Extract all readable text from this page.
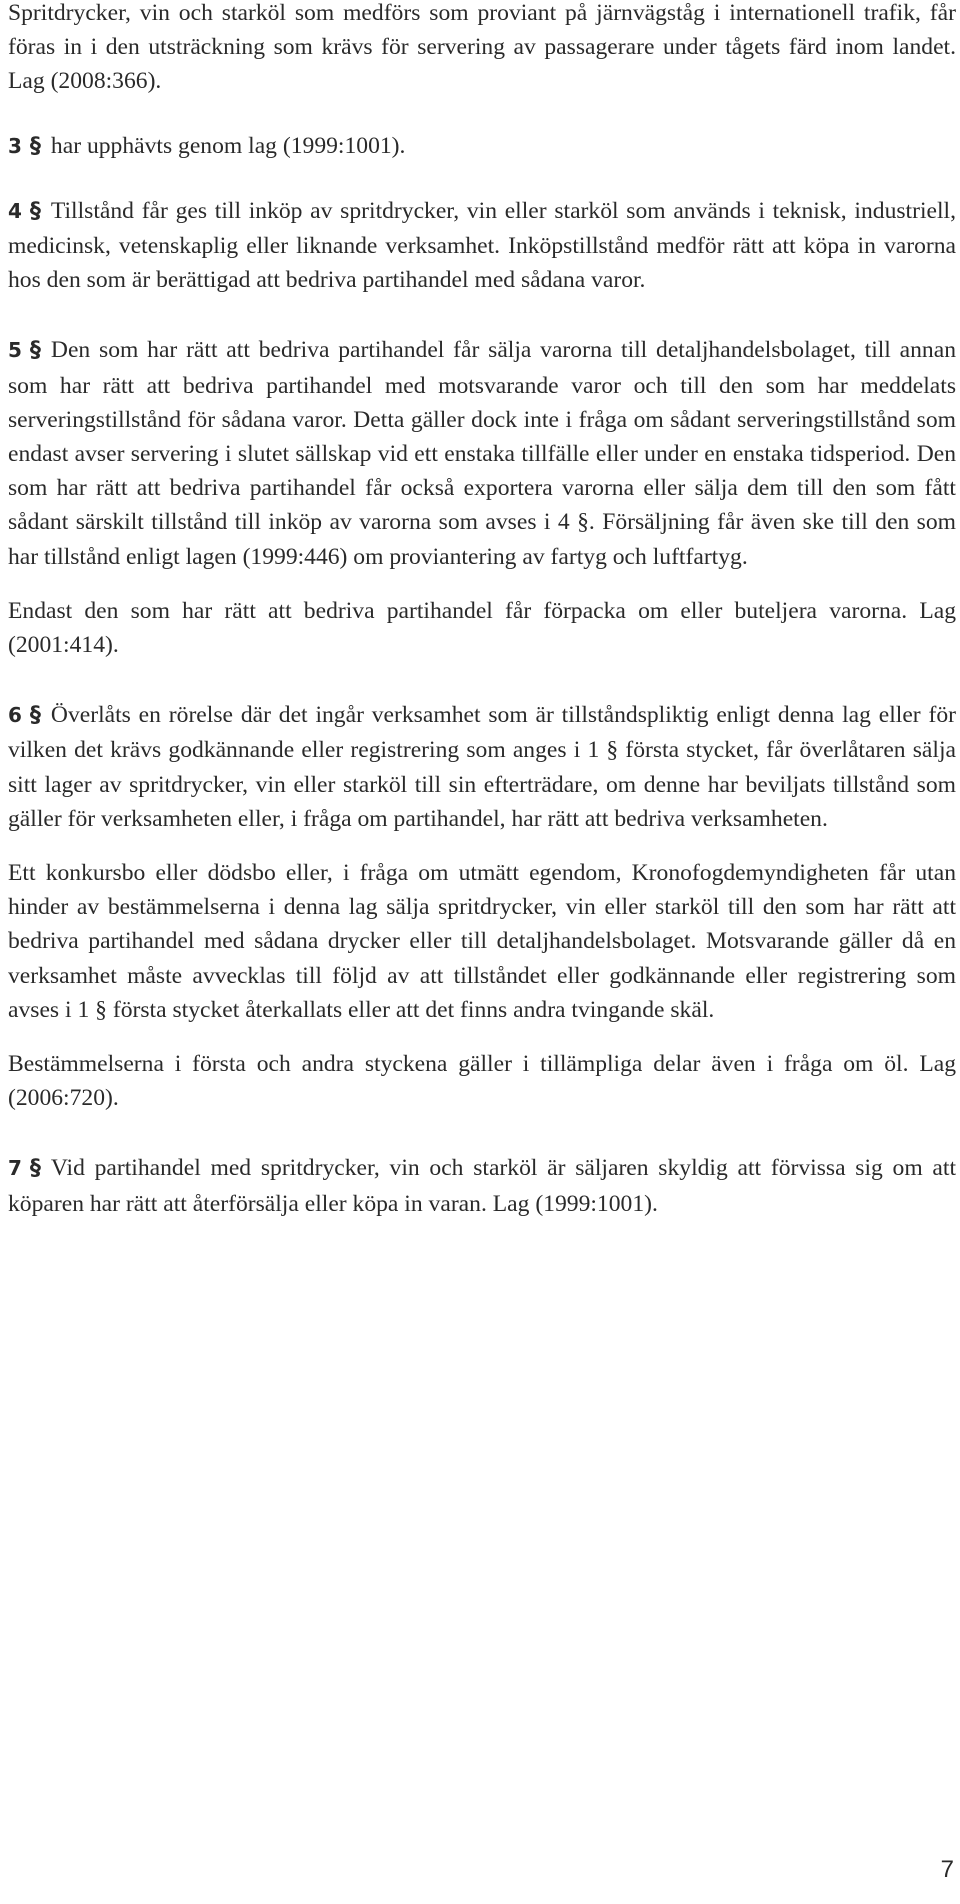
Spritdrycker, vin och starköl som medförs som proviant på järnvägståg i internationell trafik, får föras in i den utsträckning som krävs för servering av passagerare under tågets färd inom landet. Lag (2008:366).

3 § har upphävts genom lag (1999:1001).

4 § Tillstånd får ges till inköp av spritdrycker, vin eller starköl som används i teknisk, industriell, medicinsk, vetenskaplig eller liknande verksamhet. Inköpstillstånd medför rätt att köpa in varorna hos den som är berättigad att bedriva partihandel med sådana varor.

5 § Den som har rätt att bedriva partihandel får sälja varorna till detaljhandelsbolaget, till annan som har rätt att bedriva partihandel med motsvarande varor och till den som har meddelats serveringstillstånd för sådana varor. Detta gäller dock inte i fråga om sådant serveringstillstånd som endast avser servering i slutet sällskap vid ett enstaka tillfälle eller under en enstaka tidsperiod. Den som har rätt att bedriva partihandel får också exportera varorna eller sälja dem till den som fått sådant särskilt tillstånd till inköp av varorna som avses i 4 §. Försäljning får även ske till den som har tillstånd enligt lagen (1999:446) om proviantering av fartyg och luftfartyg.

Endast den som har rätt att bedriva partihandel får förpacka om eller buteljera varorna. Lag (2001:414).

6 § Överlåts en rörelse där det ingår verksamhet som är tillståndspliktig enligt denna lag eller för vilken det krävs godkännande eller registrering som anges i 1 § första stycket, får överlåtaren sälja sitt lager av spritdrycker, vin eller starköl till sin efterträdare, om denne har beviljats tillstånd som gäller för verksamheten eller, i fråga om partihandel, har rätt att bedriva verksamheten.

Ett konkursbo eller dödsbo eller, i fråga om utmätt egendom, Kronofogdemyndigheten får utan hinder av bestämmelserna i denna lag sälja spritdrycker, vin eller starköl till den som har rätt att bedriva partihandel med sådana drycker eller till detaljhandelsbolaget. Motsvarande gäller då en verksamhet måste avvecklas till följd av att tillståndet eller godkännande eller registrering som avses i 1 § första stycket återkallats eller att det finns andra tvingande skäl.

Bestämmelserna i första och andra styckena gäller i tillämpliga delar även i fråga om öl. Lag (2006:720).

7 § Vid partihandel med spritdrycker, vin och starköl är säljaren skyldig att förvissa sig om att köparen har rätt att återförsälja eller köpa in varan. Lag (1999:1001).

7
